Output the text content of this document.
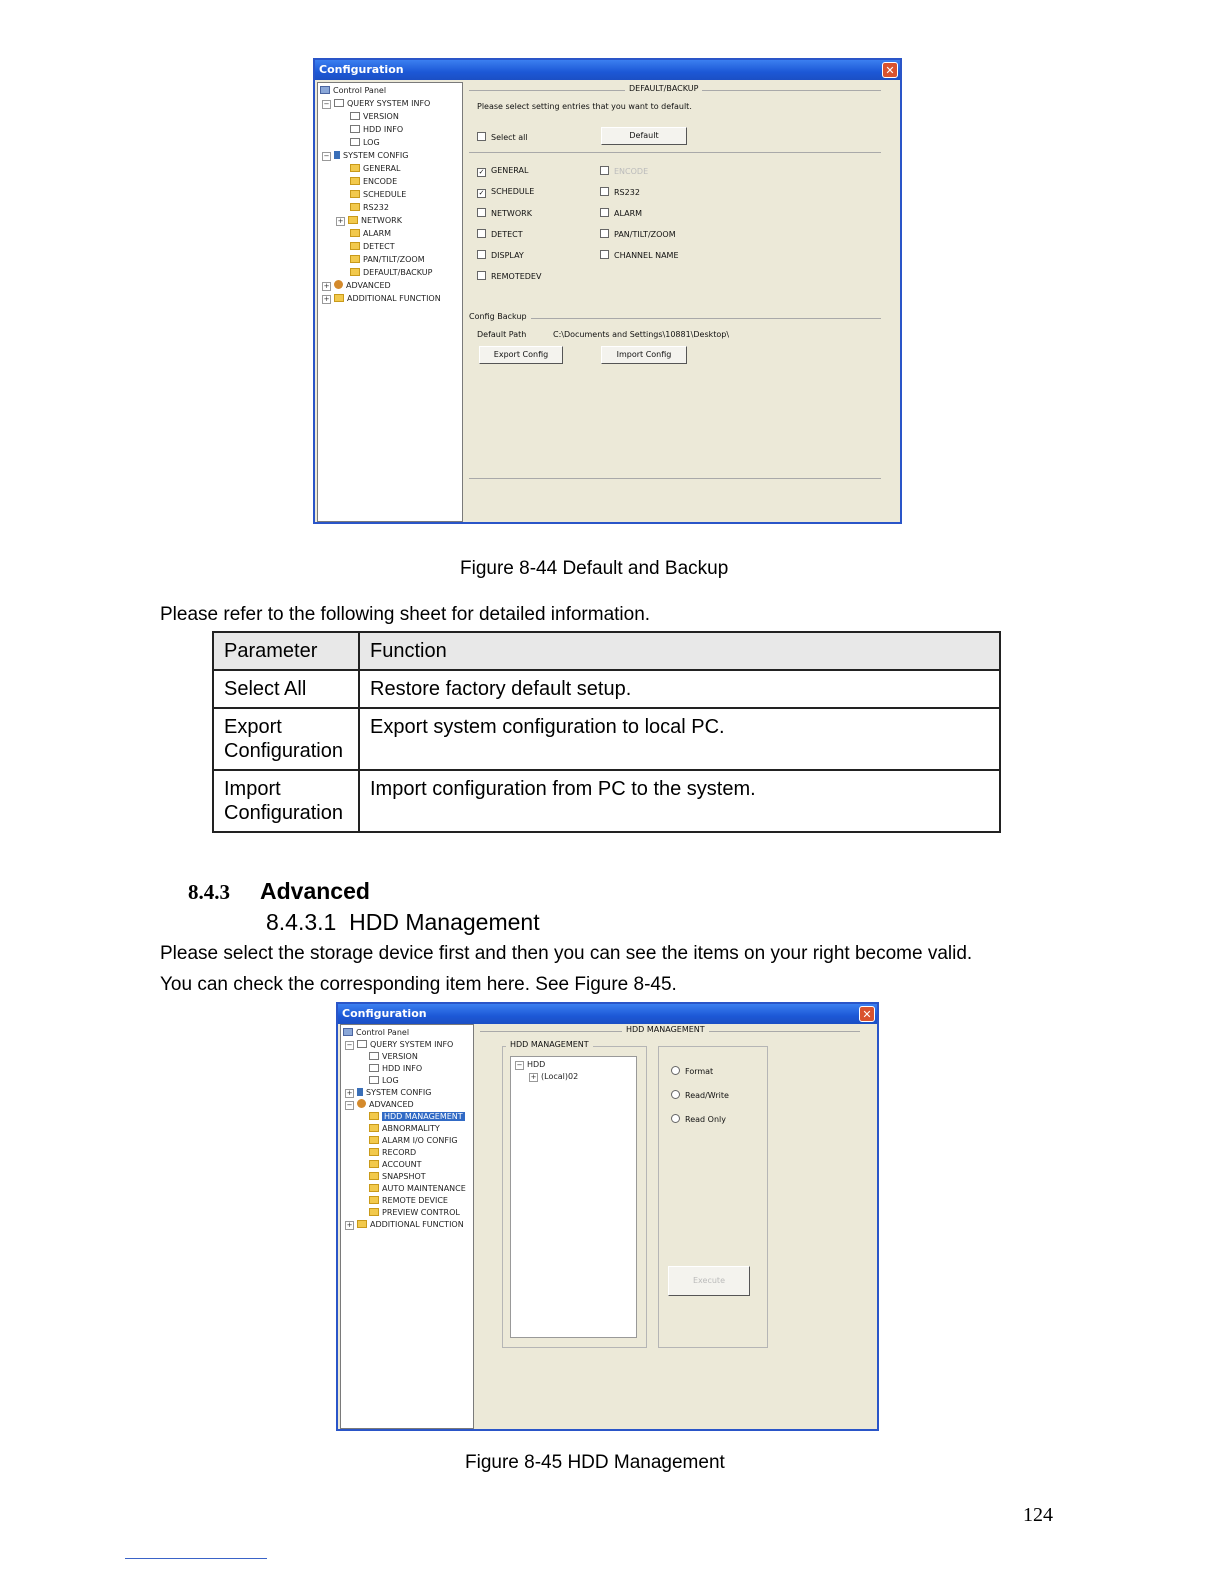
Configuration	✕
Control Panel
− QUERY SYSTEM INFO
VERSION
HDD INFO
LOG
− SYSTEM CONFIG
GENERAL
ENCODE
SCHEDULE
RS232
+ NETWORK
ALARM
DETECT
PAN/TILT/ZOOM
DEFAULT/BACKUP
+ ADVANCED
+ ADDITIONAL FUNCTION
DEFAULT/BACKUP
Please select setting entries that you want to default.
Select all	Default
✓ GENERAL
✓ SCHEDULE
NETWORK
DETECT
DISPLAY
REMOTEDEV
ENCODE
RS232
ALARM
PAN/TILT/ZOOM
CHANNEL NAME
Config Backup
Default Path	C:\Documents and Settings\10881\Desktop\
Export Config	Import Config
Figure 8-44 Default and Backup
Please refer to the following sheet for detailed information.
Parameter	Function
Select All	Restore factory default setup.
Export Configuration	Export system configuration to local PC.
Import Configuration	Import configuration from PC to the system.
8.4.3 Advanced
8.4.3.1  HDD Management
Please select the storage device first and then you can see the items on your right become valid.
You can check the corresponding item here. See Figure 8-45.
Configuration	✕
Control Panel
− QUERY SYSTEM INFO
VERSION
HDD INFO
LOG
+ SYSTEM CONFIG
− ADVANCED
HDD MANAGEMENT
ABNORMALITY
ALARM I/O CONFIG
RECORD
ACCOUNT
SNAPSHOT
AUTO MAINTENANCE
REMOTE DEVICE
PREVIEW CONTROL
+ ADDITIONAL FUNCTION
HDD MANAGEMENT
HDD MANAGEMENT
− HDD
+ (Local)02
Format
Read/Write
Read Only
Execute
Figure 8-45 HDD Management
124
